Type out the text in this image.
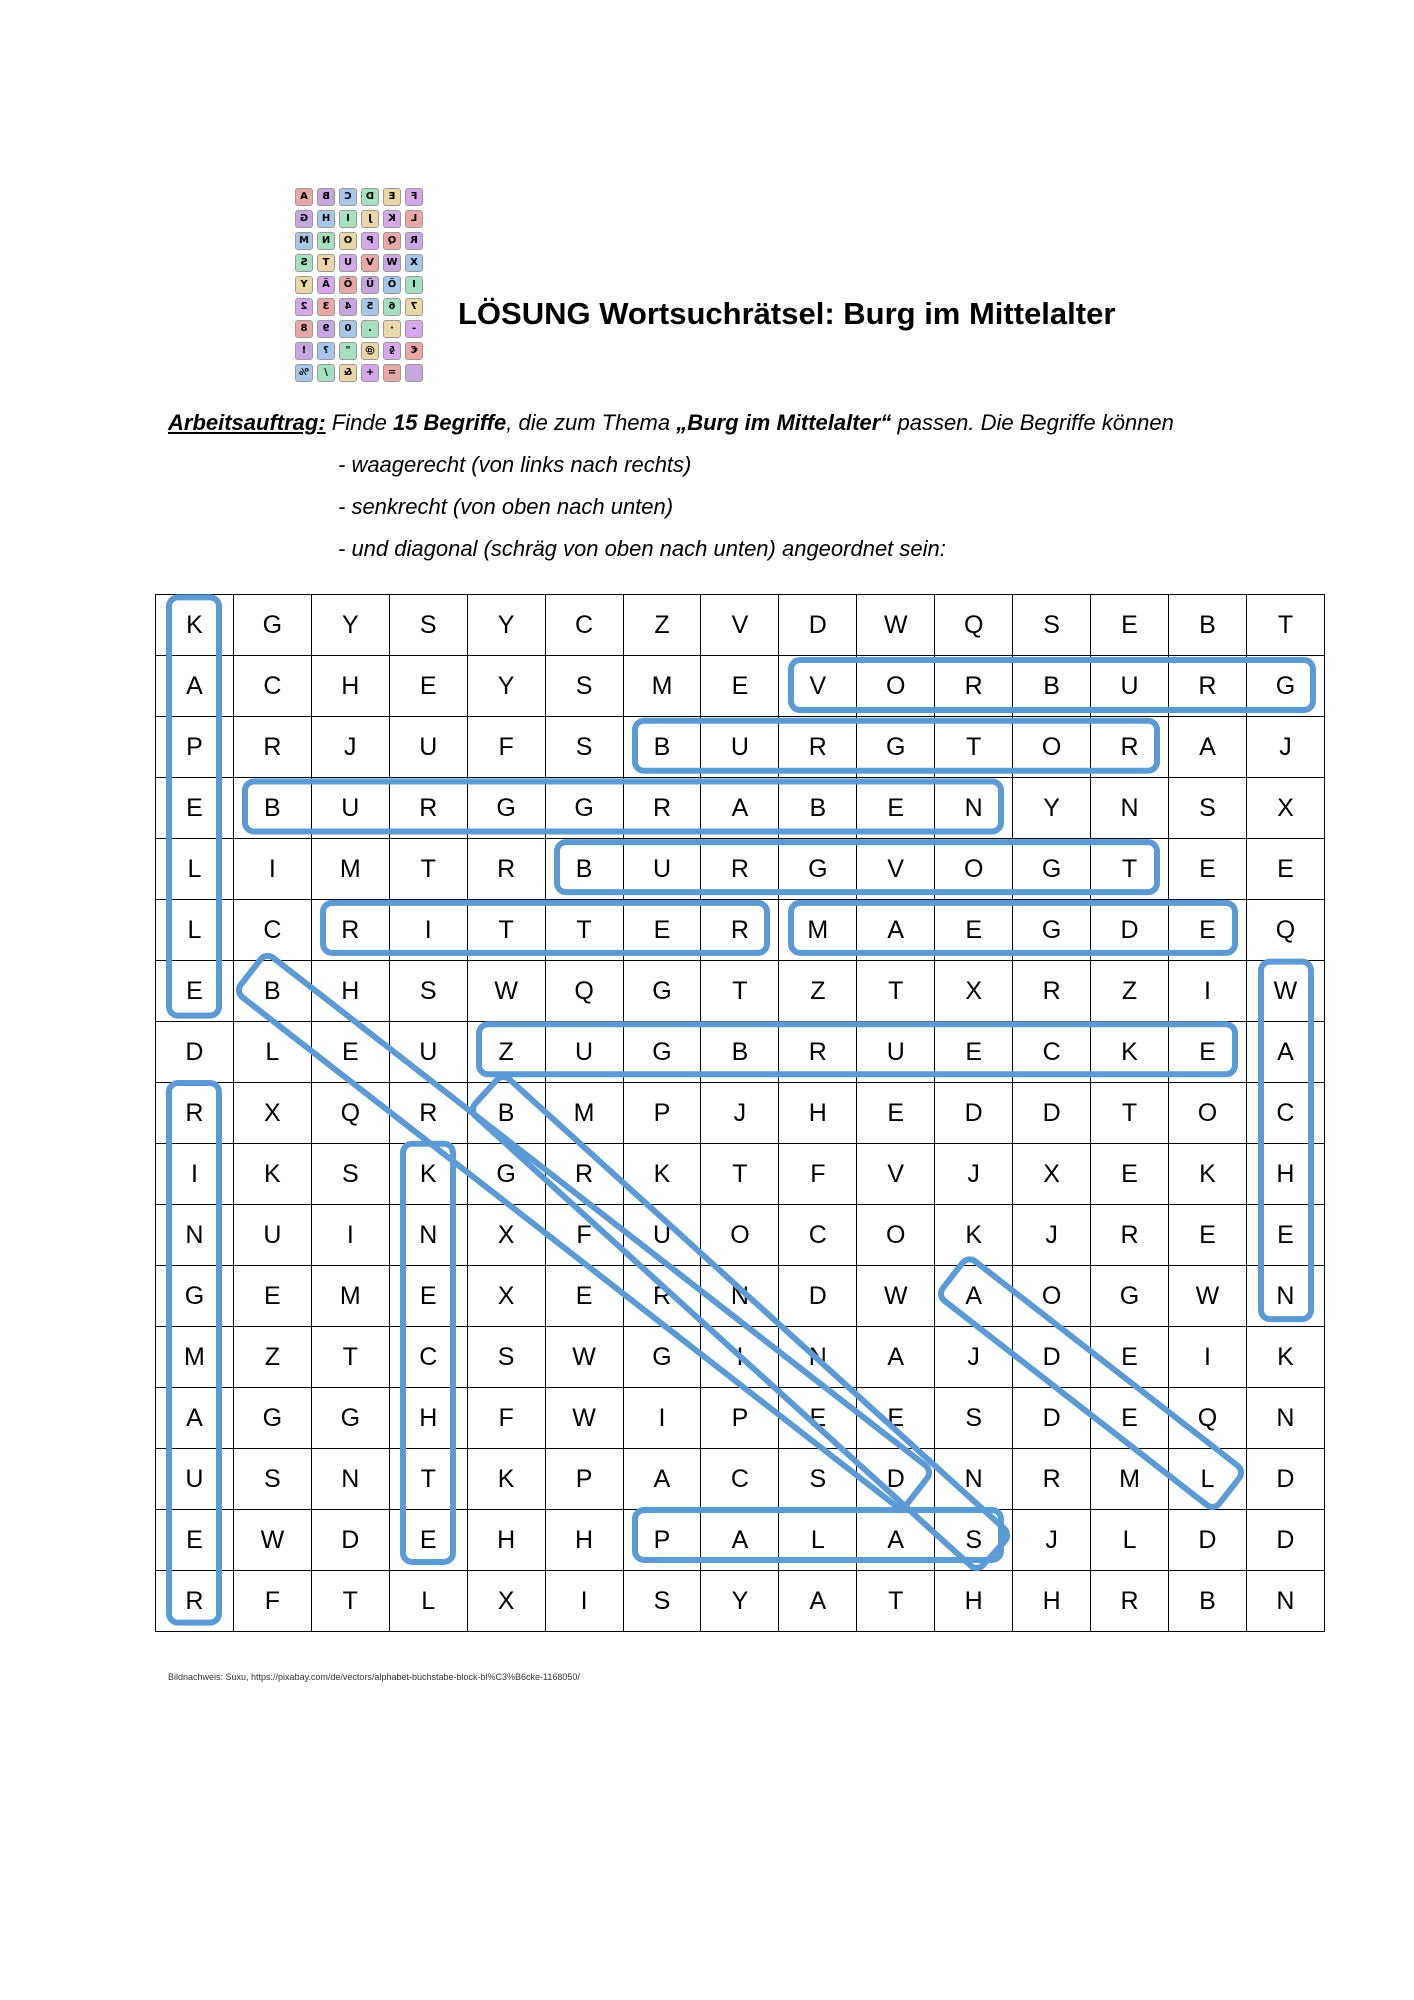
A	B	C	D	E	F
G	H	I	J	K	L
M	N	O	P	Q	R
S	T	U	V	W	X
Y	Ä	Ö	Ü	Ö	I
2	3	4	5	6	7
8	9	0	.	·	-
!	?	"	@	§	€
%	/	&	+	=
LÖSUNG Wortsuchrätsel: Burg im Mittelalter
Arbeitsauftrag: Finde 15 Begriffe, die zum Thema „Burg im Mittelalter“ passen. Die Begriffe können
- waagerecht (von links nach rechts)
- senkrecht (von oben nach unten)
- und diagonal (schräg von oben nach unten) angeordnet sein:
K	G	Y	S	Y	C	Z	V	D	W	Q	S	E	B	T
A	C	H	E	Y	S	M	E	V	O	R	B	U	R	G
P	R	J	U	F	S	B	U	R	G	T	O	R	A	J
E	B	U	R	G	G	R	A	B	E	N	Y	N	S	X
L	I	M	T	R	B	U	R	G	V	O	G	T	E	E
L	C	R	I	T	T	E	R	M	A	E	G	D	E	Q
E	B	H	S	W	Q	G	T	Z	T	X	R	Z	I	W
D	L	E	U	Z	U	G	B	R	U	E	C	K	E	A
R	X	Q	R	B	M	P	J	H	E	D	D	T	O	C
I	K	S	K	G	R	K	T	F	V	J	X	E	K	H
N	U	I	N	X	F	U	O	C	O	K	J	R	E	E
G	E	M	E	X	E	R	N	D	W	A	O	G	W	N
M	Z	T	C	S	W	G	I	N	A	J	D	E	I	K
A	G	G	H	F	W	I	P	E	E	S	D	E	Q	N
U	S	N	T	K	P	A	C	S	D	N	R	M	L	D
E	W	D	E	H	H	P	A	L	A	S	J	L	D	D
R	F	T	L	X	I	S	Y	A	T	H	H	R	B	N
Bildnachweis: Suxu, https://pixabay.com/de/vectors/alphabet-buchstabe-block-bl%C3%B6cke-1168050/
